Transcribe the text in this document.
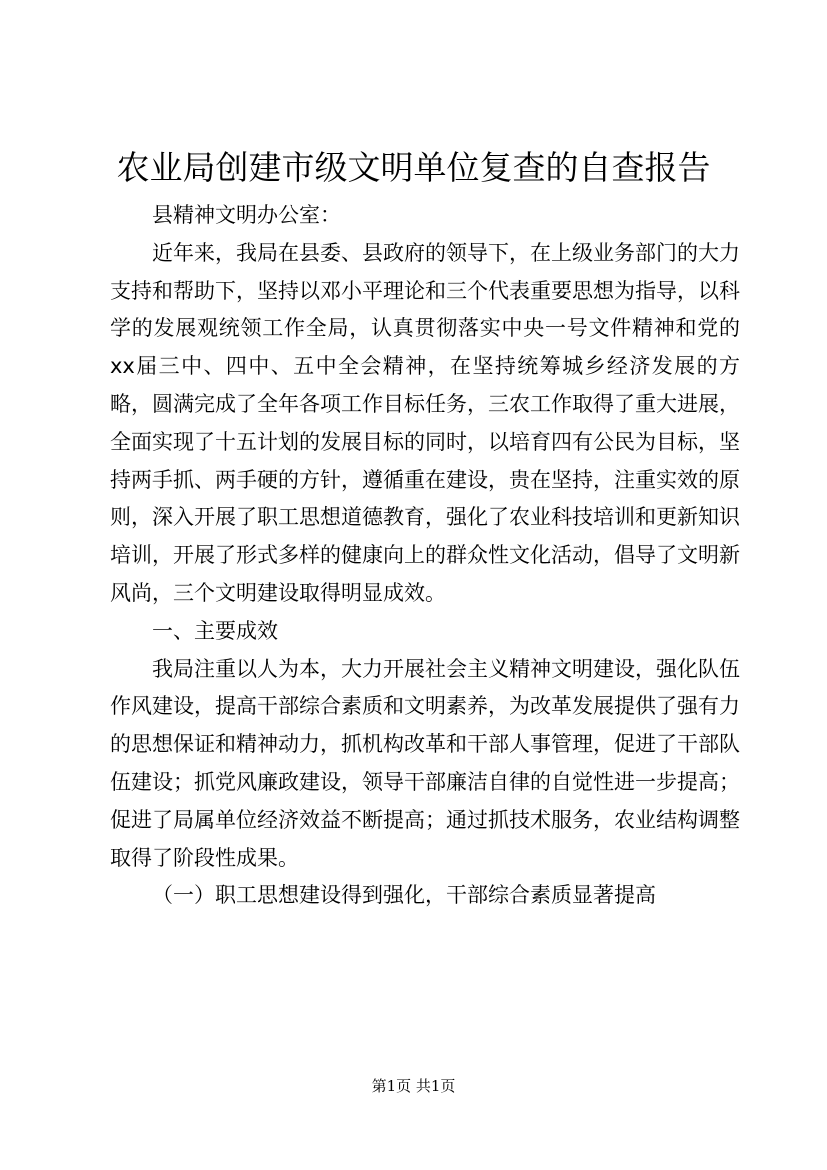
农业局创建市级文明单位复查的自查报告

县精神文明办公室：

近年来，我局在县委、县政府的领导下，在上级业务部门的大力支持和帮助下，坚持以邓小平理论和三个代表重要思想为指导，以科学的发展观统领工作全局，认真贯彻落实中央一号文件精神和党的xx届三中、四中、五中全会精神，在坚持统筹城乡经济发展的方略，圆满完成了全年各项工作目标任务，三农工作取得了重大进展，全面实现了十五计划的发展目标的同时，以培育四有公民为目标，坚持两手抓、两手硬的方针，遵循重在建设，贵在坚持，注重实效的原则，深入开展了职工思想道德教育，强化了农业科技培训和更新知识培训，开展了形式多样的健康向上的群众性文化活动，倡导了文明新风尚，三个文明建设取得明显成效。

一、主要成效

我局注重以人为本，大力开展社会主义精神文明建设，强化队伍作风建设，提高干部综合素质和文明素养，为改革发展提供了强有力的思想保证和精神动力，抓机构改革和干部人事管理，促进了干部队伍建设；抓党风廉政建设，领导干部廉洁自律的自觉性进一步提高；促进了局属单位经济效益不断提高；通过抓技术服务，农业结构调整取得了阶段性成果。

（一）职工思想建设得到强化，干部综合素质显著提高

第1页 共1页
